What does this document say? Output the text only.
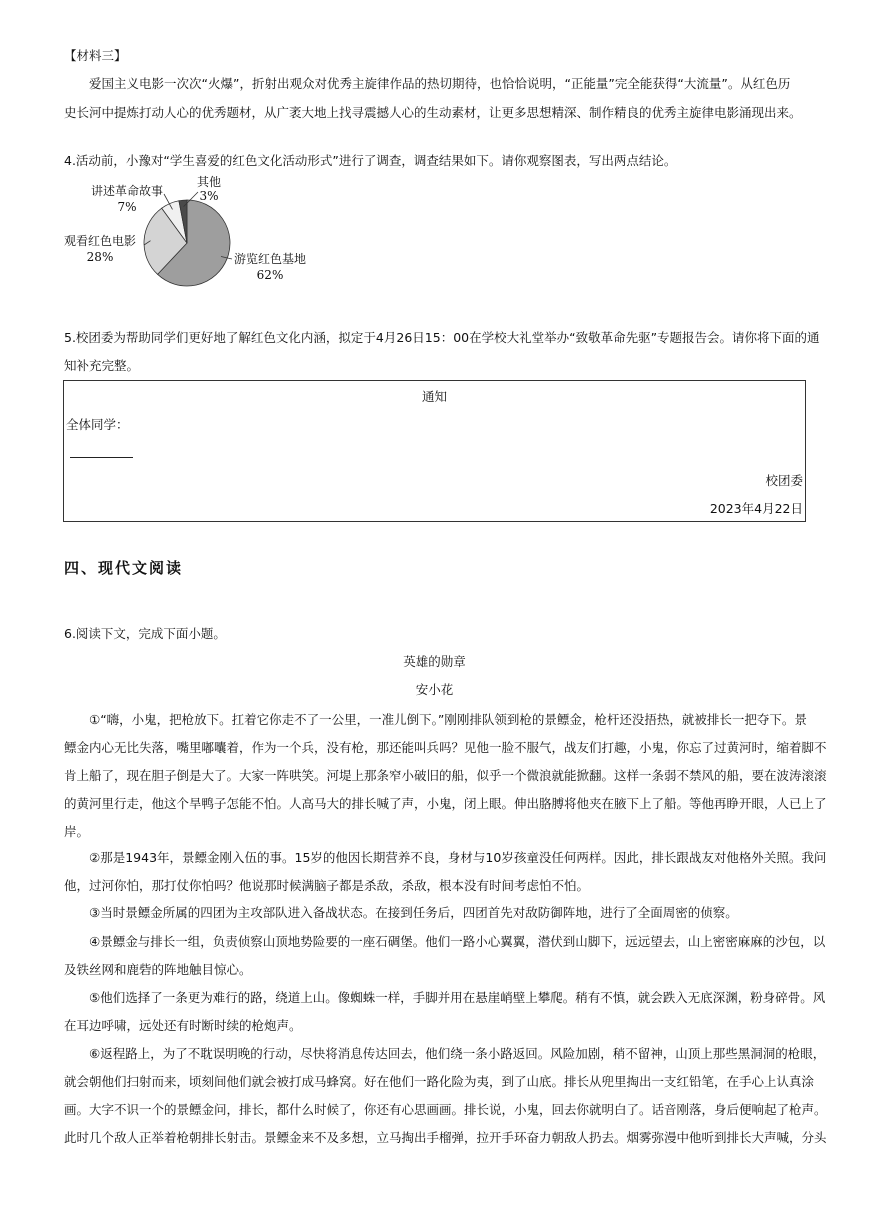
【材料三】
爱国主义电影一次次“火爆”，折射出观众对优秀主旋律作品的热切期待，也恰恰说明，“正能量”完全能获得“大流量”。从红色历
史长河中提炼打动人心的优秀题材，从广袤大地上找寻震撼人心的生动素材，让更多思想精深、制作精良的优秀主旋律电影涌现出来。
4.活动前，小豫对“学生喜爱的红色文化活动形式”进行了调查，调查结果如下。请你观察图表，写出两点结论。
游览红色基地
62%
观看红色电影
28%
讲述革命故事
7%
其他
3%
5.校团委为帮助同学们更好地了解红色文化内涵，拟定于4月26日15：00在学校大礼堂举办“致敬革命先驱”专题报告会。请你将下面的通
知补充完整。
通知
全体同学：
校团委
2023年4月22日
四、现代文阅读
6.阅读下文，完成下面小题。
英雄的勋章
安小花
①“嗨，小鬼，把枪放下。扛着它你走不了一公里，一准儿倒下。”刚刚排队领到枪的景鳔金，枪杆还没捂热，就被排长一把夺下。景
鳔金内心无比失落，嘴里嘟囔着，作为一个兵，没有枪，那还能叫兵吗？见他一脸不服气，战友们打趣，小鬼，你忘了过黄河时，缩着脚不
肯上船了，现在胆子倒是大了。大家一阵哄笑。河堤上那条窄小破旧的船，似乎一个微浪就能掀翻。这样一条弱不禁风的船，要在波涛滚滚
的黄河里行走，他这个旱鸭子怎能不怕。人高马大的排长喊了声，小鬼，闭上眼。伸出胳膊将他夹在腋下上了船。等他再睁开眼，人已上了
岸。
②那是1943年，景鳔金刚入伍的事。15岁的他因长期营养不良，身材与10岁孩童没任何两样。因此，排长跟战友对他格外关照。我问
他，过河你怕，那打仗你怕吗？他说那时候满脑子都是杀敌，杀敌，根本没有时间考虑怕不怕。
③当时景鳔金所属的四团为主攻部队进入备战状态。在接到任务后，四团首先对敌防御阵地，进行了全面周密的侦察。
④景鳔金与排长一组，负责侦察山顶地势险要的一座石碉堡。他们一路小心翼翼，潜伏到山脚下，远远望去，山上密密麻麻的沙包，以
及铁丝网和鹿砦的阵地触目惊心。
⑤他们选择了一条更为难行的路，绕道上山。像蜘蛛一样，手脚并用在悬崖峭壁上攀爬。稍有不慎，就会跌入无底深渊，粉身碎骨。风
在耳边呼啸，远处还有时断时续的枪炮声。
⑥返程路上，为了不耽误明晚的行动，尽快将消息传达回去，他们绕一条小路返回。风险加剧，稍不留神，山顶上那些黑洞洞的枪眼，
就会朝他们扫射而来，顷刻间他们就会被打成马蜂窝。好在他们一路化险为夷，到了山底。排长从兜里掏出一支红铅笔，在手心上认真涂
画。大字不识一个的景鳔金问，排长，都什么时候了，你还有心思画画。排长说，小鬼，回去你就明白了。话音刚落，身后便响起了枪声。
此时几个敌人正举着枪朝排长射击。景鳔金来不及多想，立马掏出手榴弹，拉开手环奋力朝敌人扔去。烟雾弥漫中他听到排长大声喊，分头
